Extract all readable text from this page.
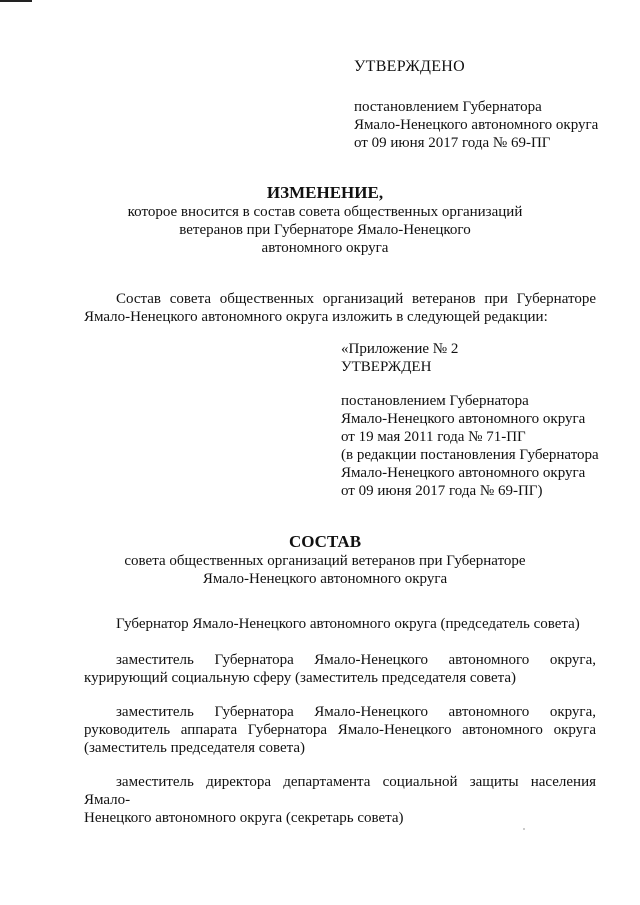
УТВЕРЖДЕНО
постановлением Губернатора
Ямало-Ненецкого автономного округа
от 09 июня 2017 года № 69-ПГ
ИЗМЕНЕНИЕ,
которое вносится в состав совета общественных организаций
ветеранов при Губернаторе Ямало-Ненецкого
автономного округа
Состав совета общественных организаций ветеранов при Губернаторе
Ямало-Ненецкого автономного округа изложить в следующей редакции:
«Приложение № 2
УТВЕРЖДЕН
постановлением Губернатора
Ямало-Ненецкого автономного округа
от 19 мая 2011 года № 71-ПГ
(в редакции постановления Губернатора
Ямало-Ненецкого автономного округа
от 09 июня 2017 года № 69-ПГ)
СОСТАВ
совета общественных организаций ветеранов при Губернаторе
Ямало-Ненецкого автономного округа
Губернатор Ямало-Ненецкого автономного округа (председатель совета)
заместитель Губернатора Ямало-Ненецкого автономного округа,
курирующий социальную сферу (заместитель председателя совета)
заместитель Губернатора Ямало-Ненецкого автономного округа,
руководитель аппарата Губернатора Ямало-Ненецкого автономного округа (заместитель председателя совета)
заместитель директора департамента социальной защиты населения Ямало-
Ненецкого автономного округа (секретарь совета)
